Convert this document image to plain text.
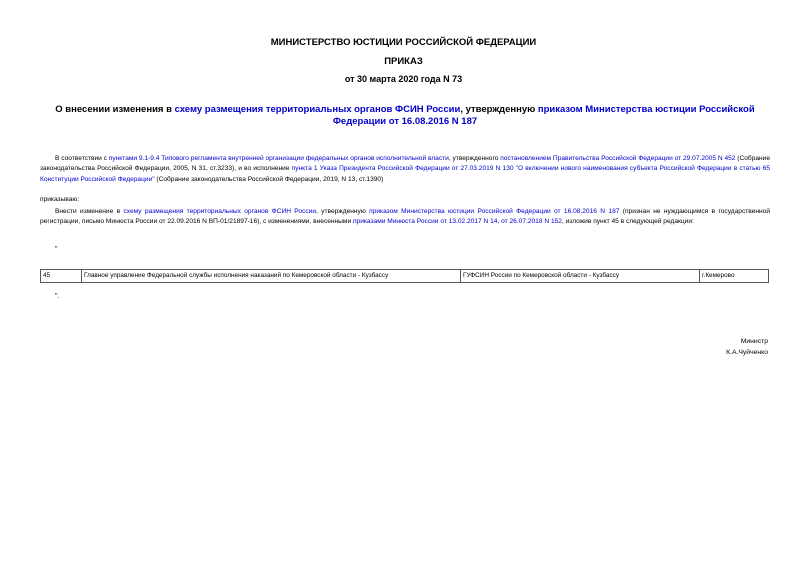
МИНИСТЕРСТВО ЮСТИЦИИ РОССИЙСКОЙ ФЕДЕРАЦИИ
ПРИКАЗ
от 30 марта 2020 года N 73
О внесении изменения в схему размещения территориальных органов ФСИН России, утвержденную приказом Министерства юстиции Российской Федерации от 16.08.2016 N 187
В соответствии с пунктами 9.1-9.4 Типового регламента внутренней организации федеральных органов исполнительной власти, утвержденного постановлением Правительства Российской Федерации от 29.07.2005 N 452 (Собрание законодательства Российской Федерации, 2005, N 31, ст.3233), и во исполнение пункта 1 Указа Президента Российской Федерации от 27.03.2019 N 130 "О включении нового наименования субъекта Российской Федерации в статью 65 Конституции Российской Федерации" (Собрание законодательства Российской Федерации, 2019, N 13, ст.1390)
приказываю:
Внести изменение в схему размещения территориальных органов ФСИН России, утвержденную приказом Министерства юстиции Российской Федерации от 16.08.2016 N 187 (признан не нуждающимся в государственной регистрации, письмо Минюста России от 22.09.2016 N ВП-01/21897-16), с изменениями, внесенными приказами Минюста России от 13.02.2017 N 14, от 26.07.2018 N 152, изложив пункт 45 в следующей редакции:
"
45	Главное управление Федеральной службы исполнения наказаний по Кемеровской области - Кузбассу	ГУФСИН России по Кемеровской области - Кузбассу	г.Кемерово
".
Министр
К.А.Чуйченко
